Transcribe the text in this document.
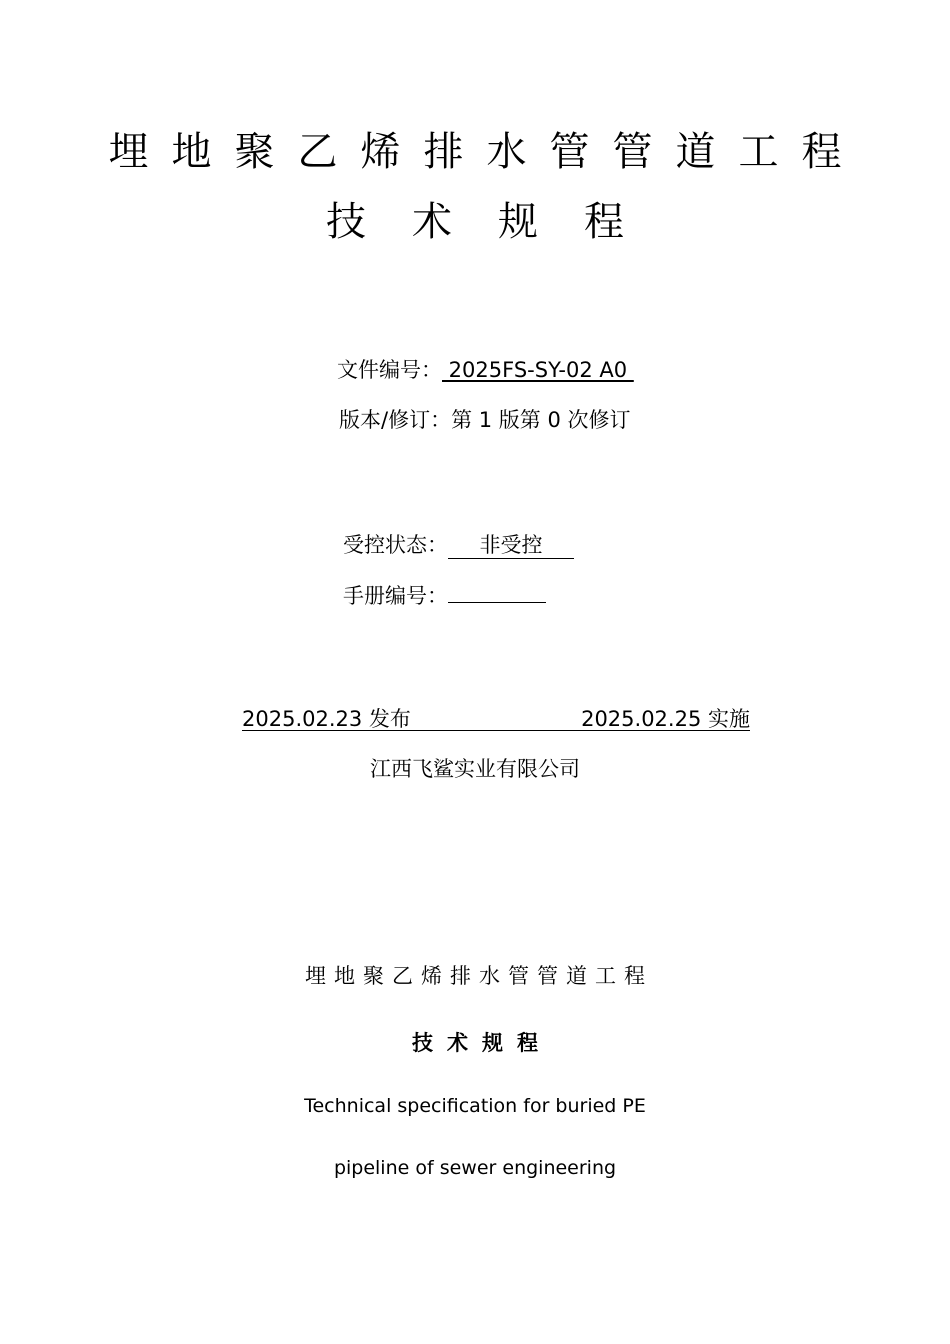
埋地聚乙烯排水管管道工程
技术规程
文件编号： 2025FS-SY-02 A0
版本/修订：第 1 版第 0 次修订
受控状态： 非受控
手册编号：
2025.02.23 发布	2025.02.25 实施
江西飞鲨实业有限公司
埋地聚乙烯排水管管道工程
技术规程
Technical specification for buried PE
pipeline of sewer engineering
